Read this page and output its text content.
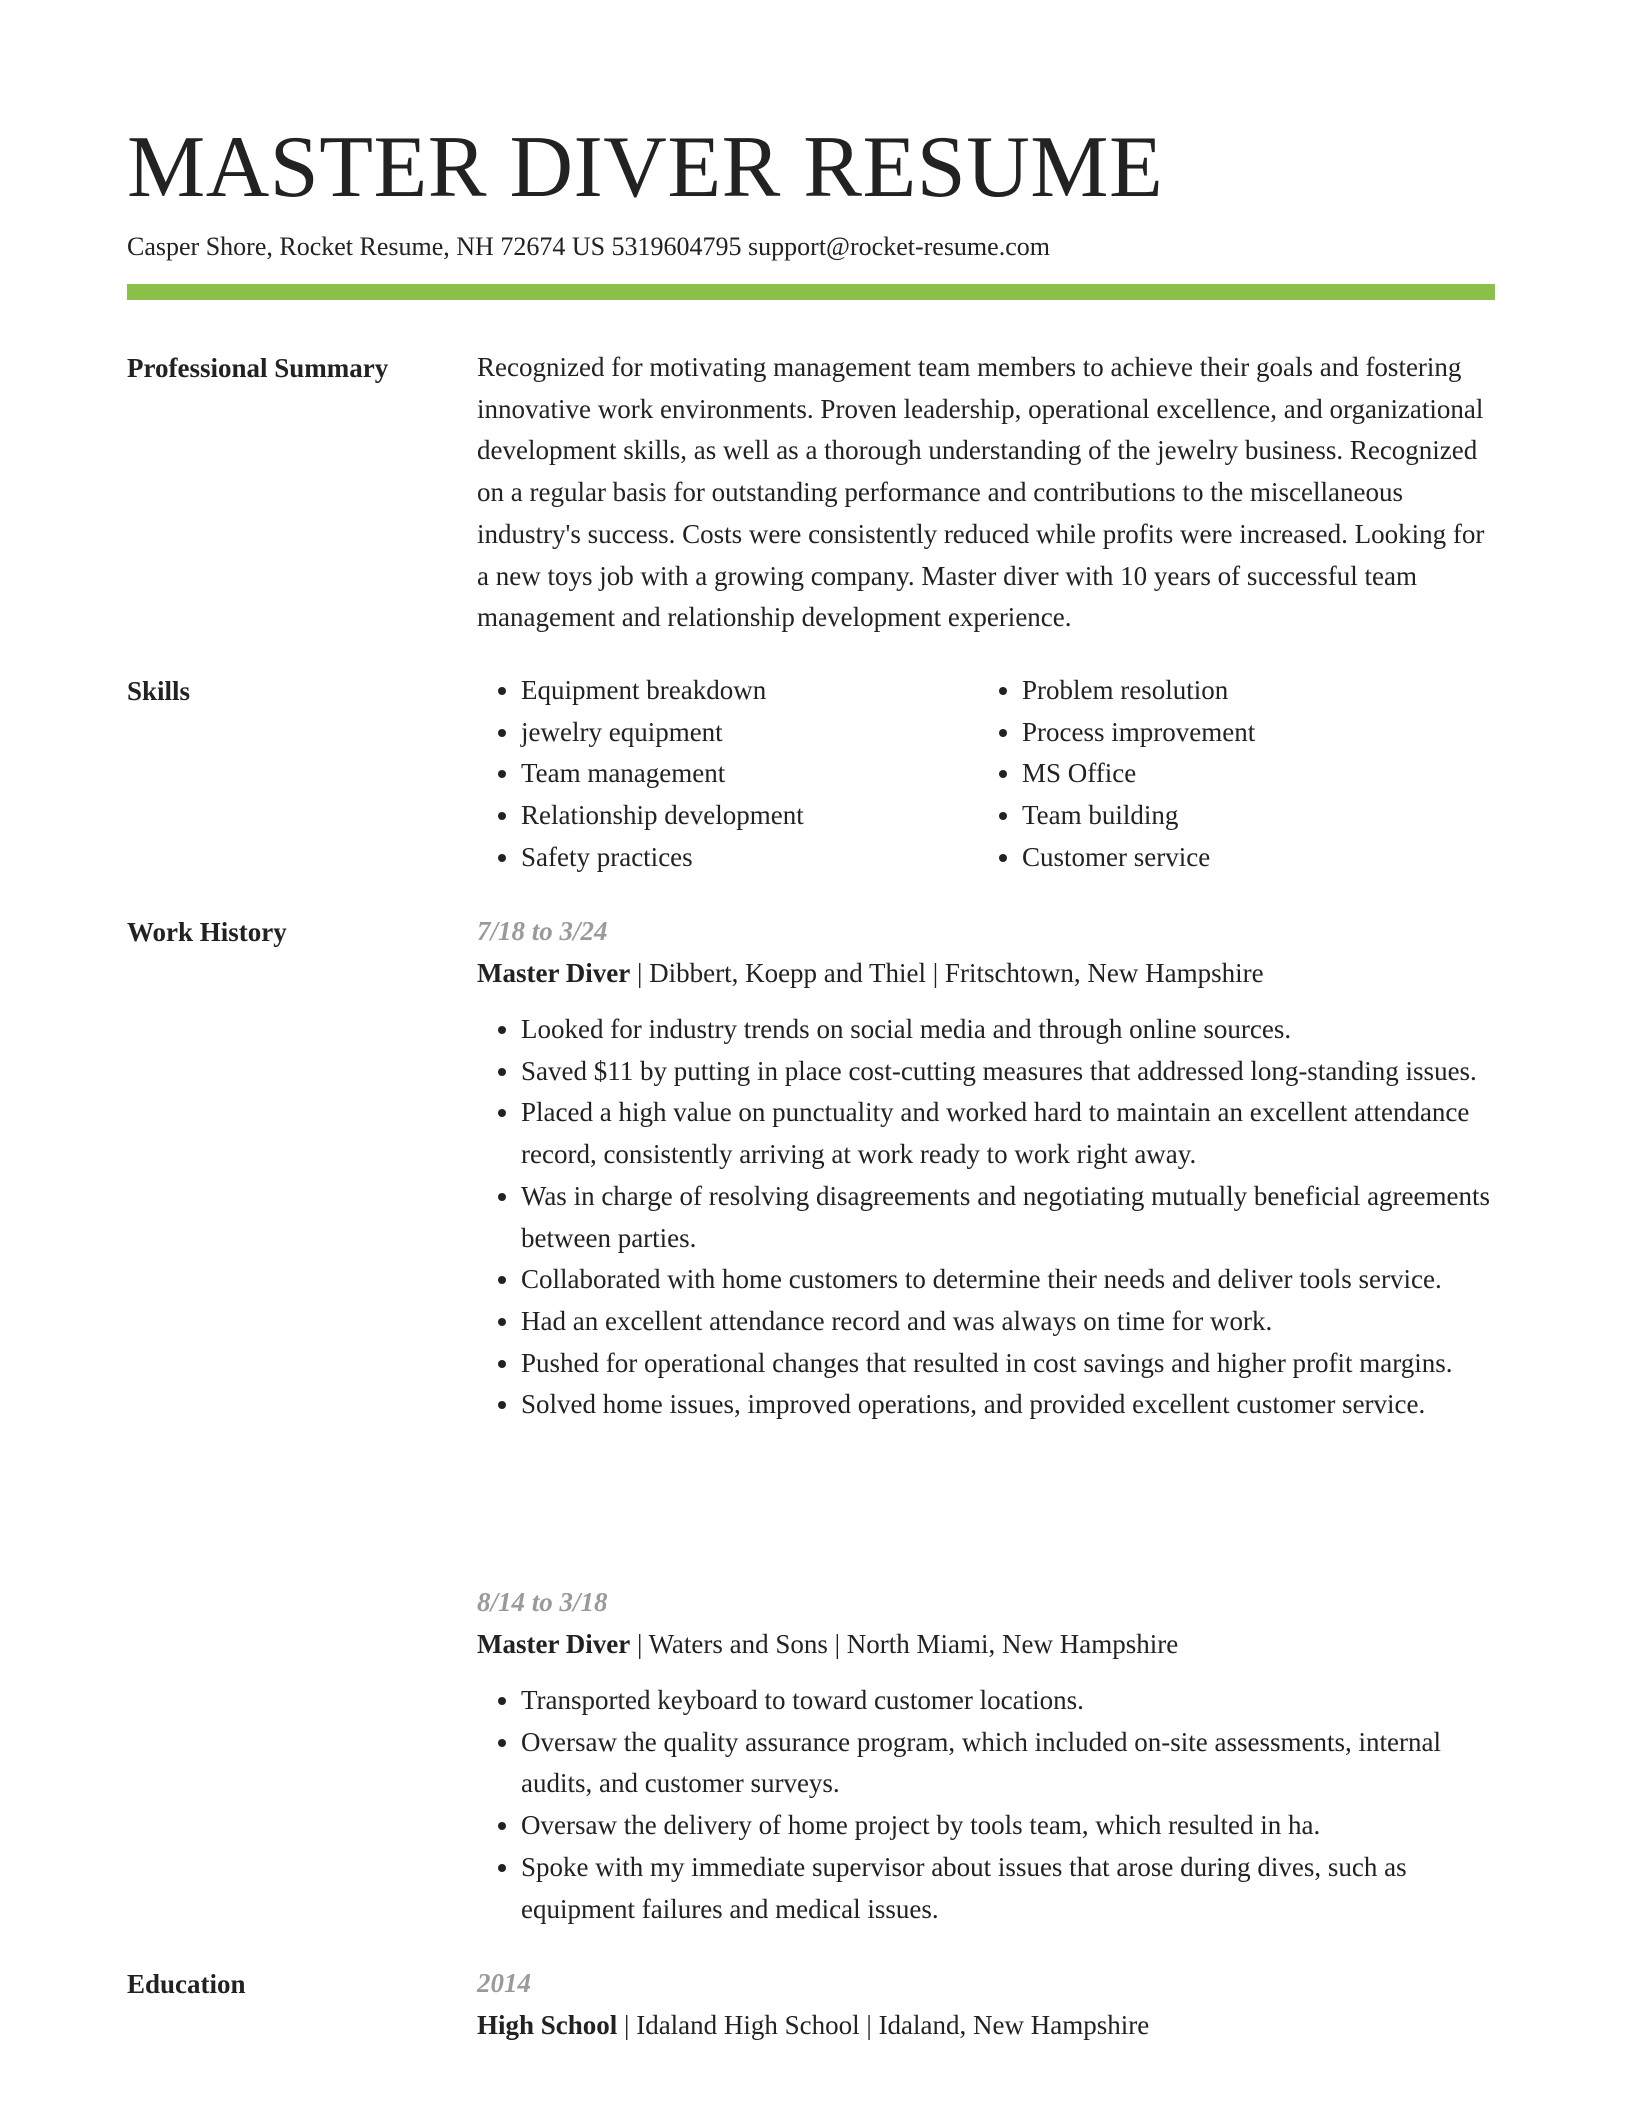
MASTER DIVER RESUME
Casper Shore, Rocket Resume, NH 72674 US 5319604795 support@rocket-resume.com
Professional Summary	Recognized for motivating management team members to achieve their goals and fostering innovative work environments. Proven leadership, operational excellence, and organizational development skills, as well as a thorough understanding of the jewelry business. Recognized on a regular basis for outstanding performance and contributions to the miscellaneous industry's success. Costs were consistently reduced while profits were increased. Looking for a new toys job with a growing company. Master diver with 10 years of successful team management and relationship development experience.

Skills
•	Equipment breakdown
• jewelry equipment
• Team management
• Relationship development
• Safety practices
• Problem resolution
• Process improvement
• MS Office
• Team building
• Customer service
Work History	7/18 to 3/24
Master Diver | Dibbert, Koepp and Thiel | Fritschtown, New Hampshire
• Looked for industry trends on social media and through online sources.
• Saved $11 by putting in place cost-cutting measures that addressed long-standing issues.
• Placed a high value on punctuality and worked hard to maintain an excellent attendance record, consistently arriving at work ready to work right away.
• Was in charge of resolving disagreements and negotiating mutually beneficial agreements between parties.
• Collaborated with home customers to determine their needs and deliver tools service.
• Had an excellent attendance record and was always on time for work.
• Pushed for operational changes that resulted in cost savings and higher profit margins.
• Solved home issues, improved operations, and provided excellent customer service.
8/14 to 3/18
Master Diver | Waters and Sons | North Miami, New Hampshire
• Transported keyboard to toward customer locations.
• Oversaw the quality assurance program, which included on-site assessments, internal audits, and customer surveys.
• Oversaw the delivery of home project by tools team, which resulted in ha.
• Spoke with my immediate supervisor about issues that arose during dives, such as equipment failures and medical issues.
Education	2014
High School | Idaland High School | Idaland, New Hampshire
